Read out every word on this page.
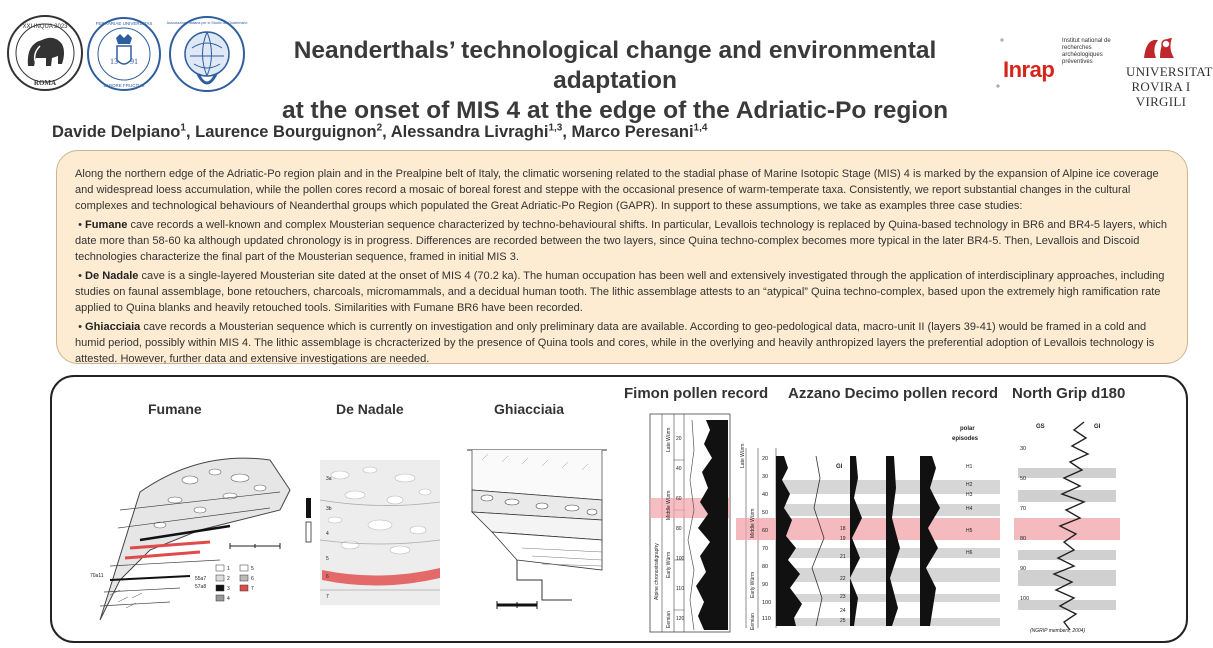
XXI INQUA 2023
ROMA
13 91
FERRARIAE UNIVERSITAS
LABORE FRUCTUS
Associazione Italiana per lo Studio del Quaternario
Neanderthals’ technological change and environmental adaptation
at the onset of MIS 4 at the edge of the Adriatic-Po region
Inrap
Institut national de recherches archéologiques préventives
UNIVERSITAT
ROVIRA I VIRGILI
Davide Delpiano$^1$, Laurence Bourguignon$^2$, Alessandra Livraghi$^{1,3}$, Marco Peresani$^{1,4}$

Along the northern edge of the Adriatic-Po region plain and in the Prealpine belt of Italy, the climatic worsening related to the stadial phase of Marine Isotopic Stage (MIS) 4 is marked by the expansion of Alpine ice coverage and widespread loess accumulation, while the pollen cores record a mosaic of boreal forest and steppe with the occasional presence of warm-temperate taxa. Consistently, we report substantial changes in the cultural complexes and technological behaviours of Neanderthal groups which populated the Great Adriatic-Po Region (GAPR). In support to these assumptions, we take as examples three case studies:

• Fumane cave records a well-known and complex Mousterian sequence characterized by techno-behavioural shifts. In particular, Levallois technology is replaced by Quina-based technology in BR6 and BR4-5 layers, which date more than 58-60 ka although updated chronology is in progress. Differences are recorded between the two layers, since Quina techno-complex becomes more typical in the later BR4-5. Then, Levallois and Discoid technologies characterize the final part of the Mousterian sequence, framed in initial MIS 3.

• De Nadale cave is a single-layered Mousterian site dated at the onset of MIS 4 (70.2 ka). The human occupation has been well and extensively investigated through the application of interdisciplinary approaches, including studies on faunal assemblage, bone retouchers, charcoals, micromammals, and a decidual human tooth. The lithic assemblage attests to an “atypical” Quina techno-complex, based upon the extremely high ramification rate applied to Quina blanks and heavily retouched tools. Similarities with Fumane BR6 have been recorded.

• Ghiacciaia cave records a Mousterian sequence which is currently on investigation and only preliminary data are available. According to geo-pedological data, macro-unit II (layers 39-41) would be framed in a cold and humid period, possibly within MIS 4. The lithic assemblage is chcracterized by the presence of Quina tools and cores, while in the overlying and heavily anthropized layers the preferential adoption of Levallois technology is attested. However, further data and extensive investigations are needed.

Fumane	De Nadale	Ghiacciaia
Fimon pollen record Azzano Decimo pollen record North Grip d180
70a11	55a7
57a8
1
2
3
4
5
6
7
3a
3b
4
5
6
7	Alpine chronostratigraphy
Late Würm
Middle Würm
Early Würm
Eemian
20
40
60
80
100
110
120
polar
episodes
GI	H1
H2
H3
H4
H5
H6
18
19
21
22
23
24
25
Late Würm
Middle Würm
Early Würm
Eemian
20
30
40
50
60
70
80
90
100
110
GS	GI
(NGRIP members, 2004)
30
50
70
80
90
100
